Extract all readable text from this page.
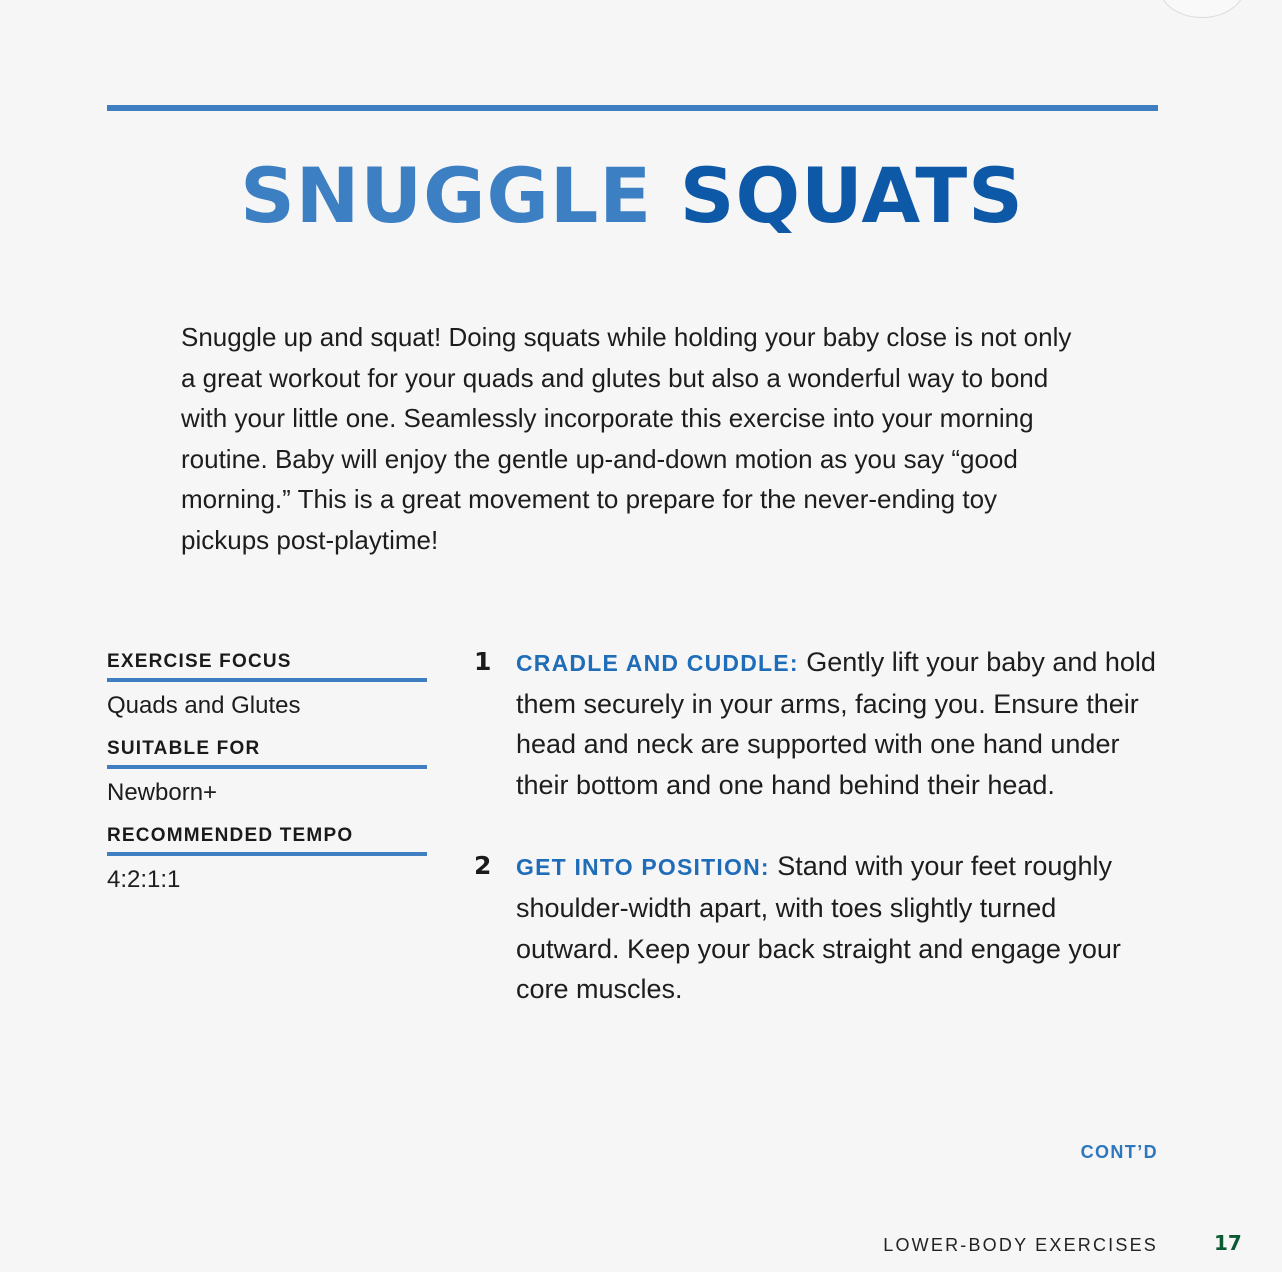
SNUGGLE SQUATS

Snuggle up and squat! Doing squats while holding your baby close is not only a great workout for your quads and glutes but also a wonderful way to bond with your little one. Seamlessly incorporate this exercise into your morning routine. Baby will enjoy the gentle up-and-down motion as you say “good morning.” This is a great movement to prepare for the never-ending toy pickups post-playtime!

EXERCISE FOCUS
Quads and Glutes
SUITABLE FOR
Newborn+
RECOMMENDED TEMPO
4:2:1:1
1 CRADLE AND CUDDLE: Gently lift your baby and hold them securely in your arms, facing you. Ensure their head and neck are supported with one hand under their bottom and one hand behind their head.
2 GET INTO POSITION: Stand with your feet roughly shoulder-width apart, with toes slightly turned outward. Keep your back straight and engage your core muscles.
CONT’D
LOWER-BODY EXERCISES	17
